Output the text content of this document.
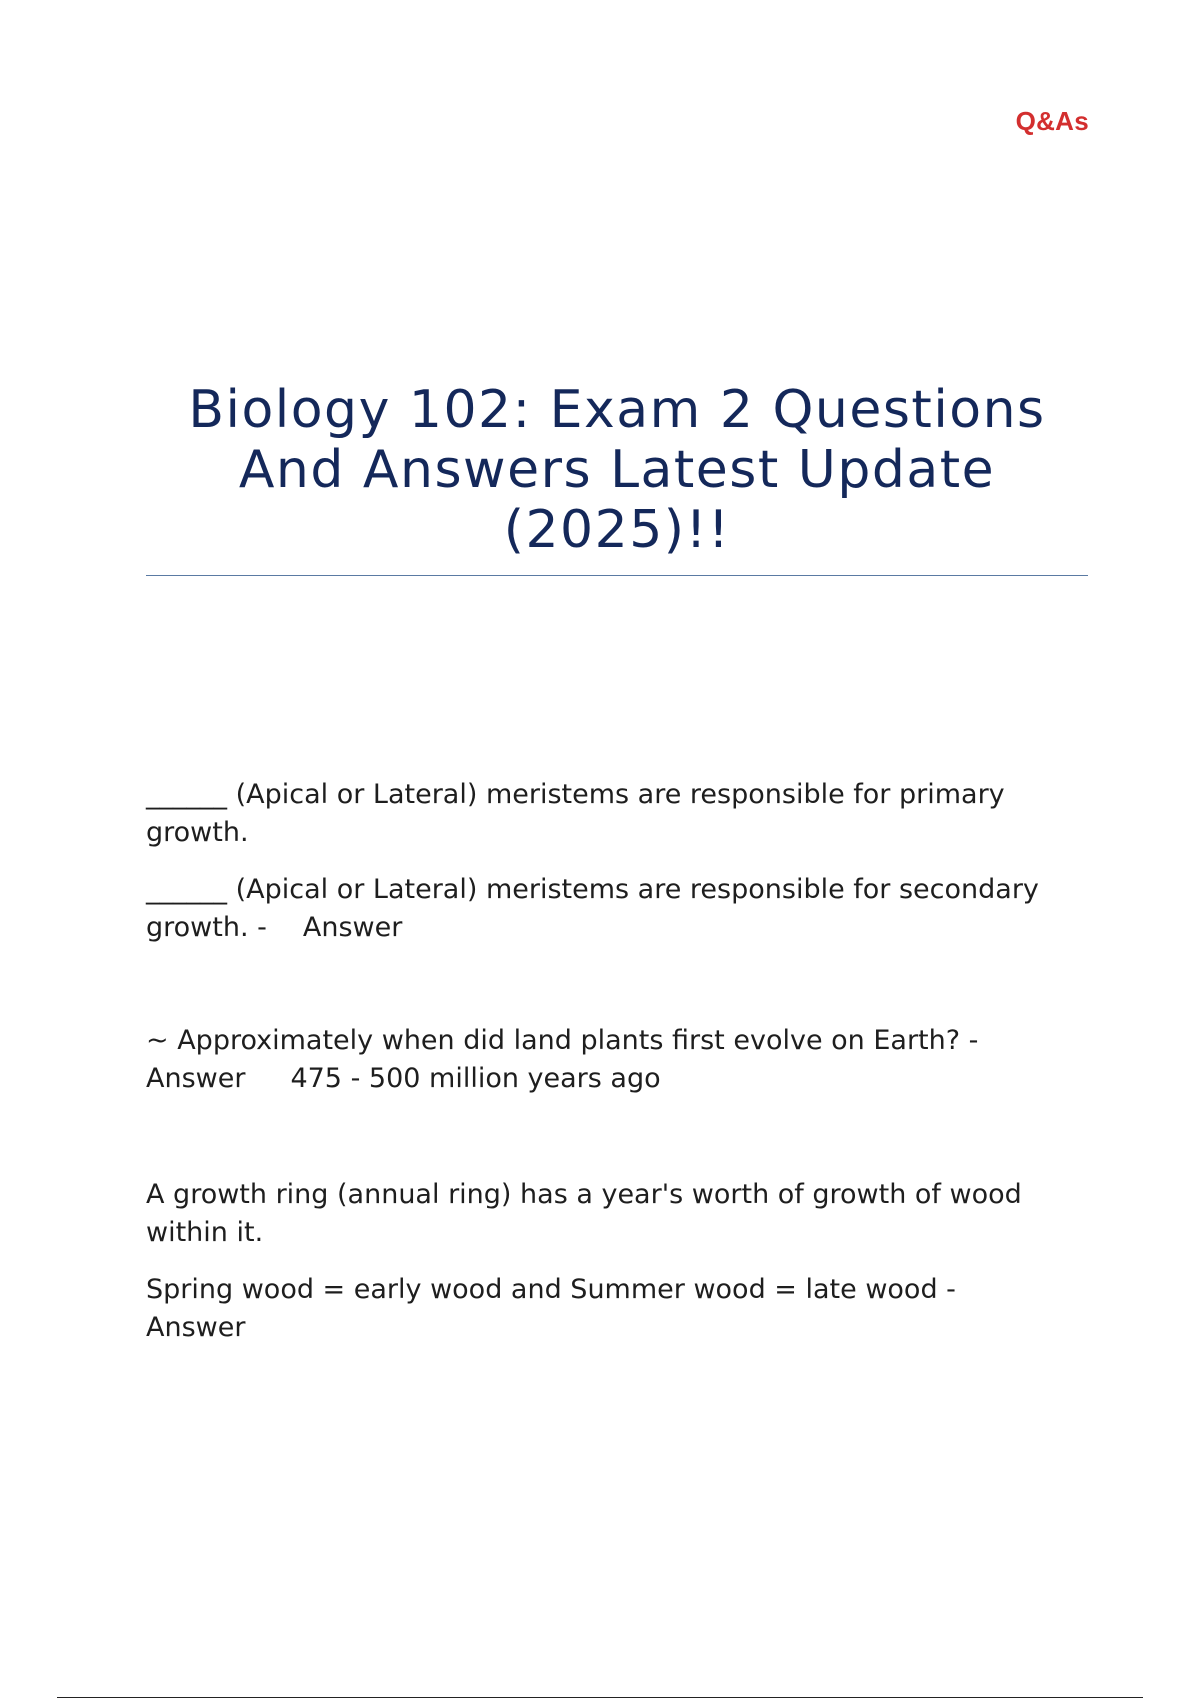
Q&As
Biology 102: Exam 2 Questions And Answers Latest Update (2025)!!

______ (Apical or Lateral) meristems are responsible for primary growth.

______ (Apical or Lateral) meristems are responsible for secondary growth. - Answer

~ Approximately when did land plants first evolve on Earth? -

Answer 475 - 500 million years ago

A growth ring (annual ring) has a year's worth of growth of wood within it.

Spring wood = early wood and Summer wood = late wood -

Answer
